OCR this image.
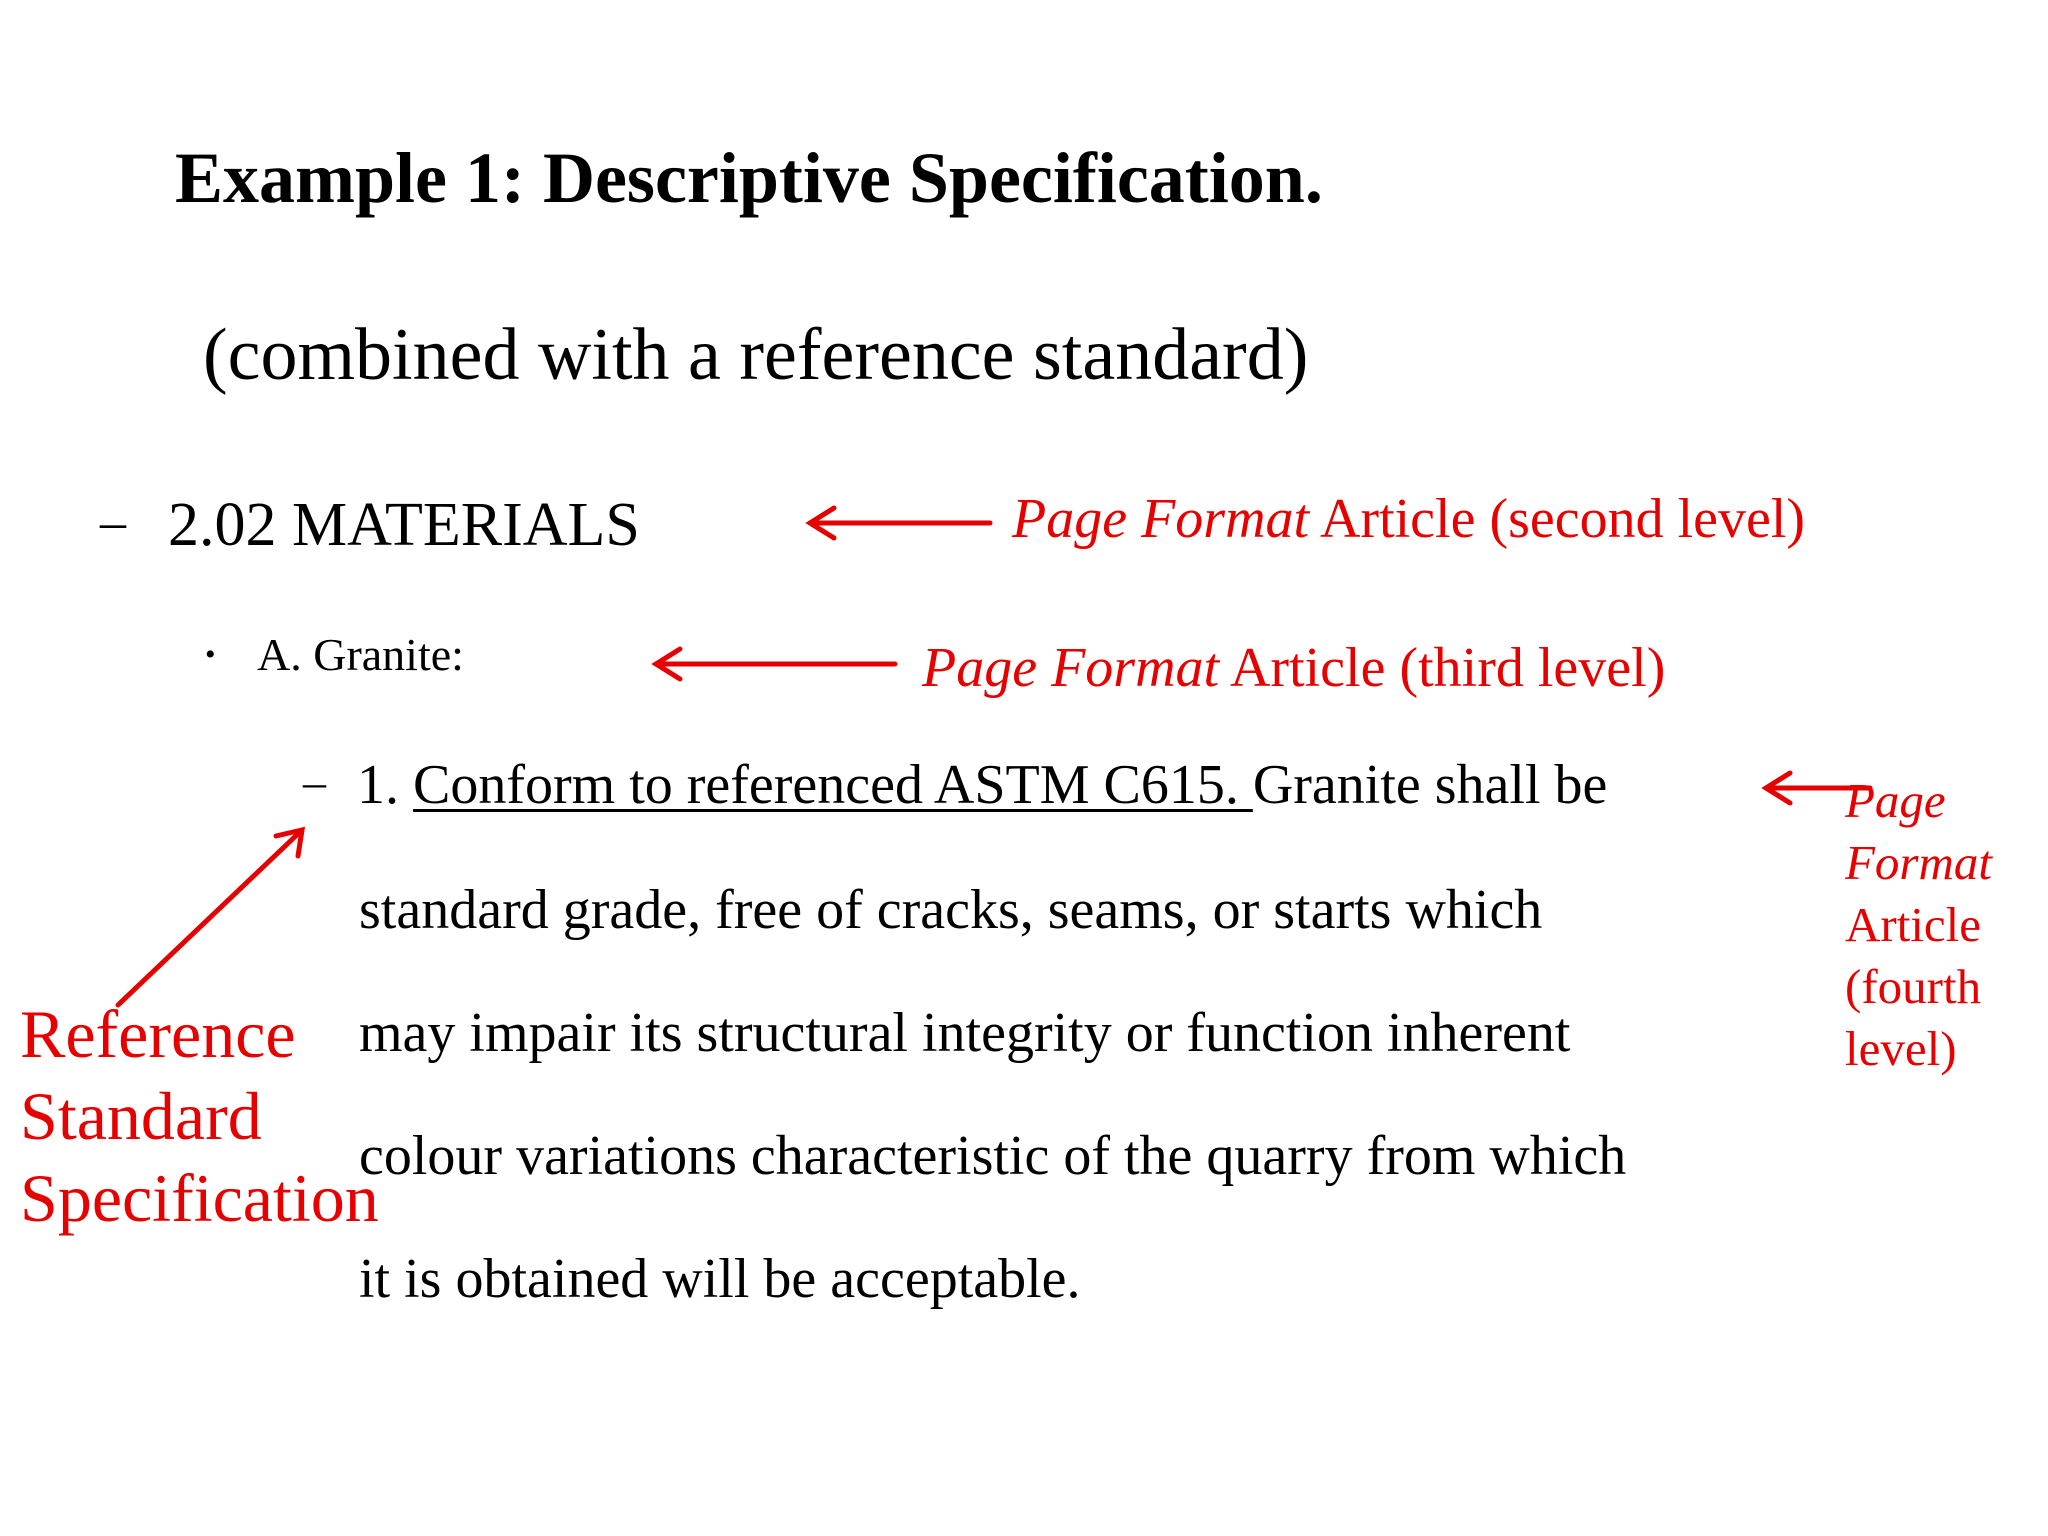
Example 1: Descriptive Specification.
(combined with a reference standard)
– 2.02 MATERIALS
• A. Granite:
– 1. Conform to referenced ASTM C615. Granite shall be
standard grade, free of cracks, seams, or starts which
may impair its structural integrity or function inherent
colour variations characteristic of the quarry from which
it is obtained will be acceptable.
Page Format Article (second level)
Page Format Article (third level)
Page
Format
Article
(fourth
level)
Reference
Standard
Specification
